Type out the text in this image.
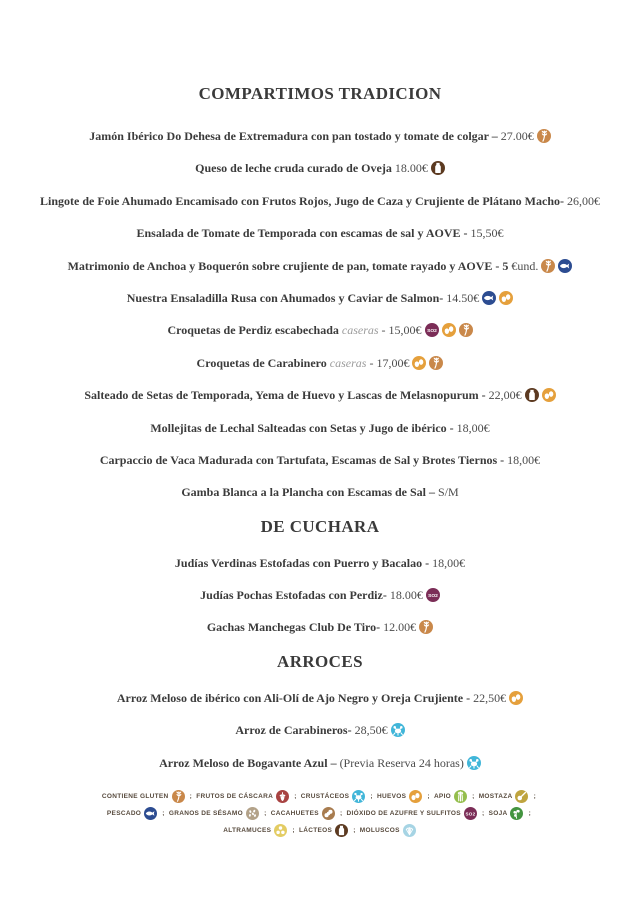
COMPARTIMOS TRADICION
Jamón Ibérico Do Dehesa de Extremadura con pan tostado y tomate de colgar – 27.00€
Queso de leche cruda curado de Oveja 18.00€
Lingote de Foie Ahumado Encamisado con Frutos Rojos, Jugo de Caza y Crujiente de Plátano Macho- 26,00€
Ensalada de Tomate de Temporada con escamas de sal y AOVE - 15,50€
Matrimonio de Anchoa y Boquerón sobre crujiente de pan, tomate rayado y AOVE - 5 €und.
Nuestra Ensaladilla Rusa con Ahumados y Caviar de Salmon- 14.50€
Croquetas de Perdiz escabechada caseras - 15,00€
Croquetas de Carabinero caseras - 17,00€
Salteado de Setas de Temporada, Yema de Huevo y Lascas de Melasnopurum - 22,00€
Mollejitas de Lechal Salteadas con Setas y Jugo de ibérico - 18,00€
Carpaccio de Vaca Madurada con Tartufata, Escamas de Sal y Brotes Tiernos - 18,00€
Gamba Blanca a la Plancha con Escamas de Sal – S/M
DE CUCHARA
Judías Verdinas Estofadas con Puerro y Bacalao - 18,00€
Judías Pochas Estofadas con Perdiz- 18.00€
Gachas Manchegas Club De Tiro- 12.00€
ARROCES
Arroz Meloso de ibérico con Ali-Olí de Ajo Negro y Oreja Crujiente - 22,50€
Arroz de Carabineros- 28,50€
Arroz Meloso de Bogavante Azul – (Previa Reserva 24 horas)
CONTIENE GLUTEN	; FRUTOS DE CÁSCARA	; CRUSTÁCEOS	; HUEVOS	; APIO	; MOSTAZA	; PESCADO	; GRANOS DE SÉSAMO	; CACAHUETES	; DIÓXIDO DE AZUFRE Y SULFITOS	; SOJA	; ALTRAMUCES	; LÁCTEOS	; MOLUSCOS
